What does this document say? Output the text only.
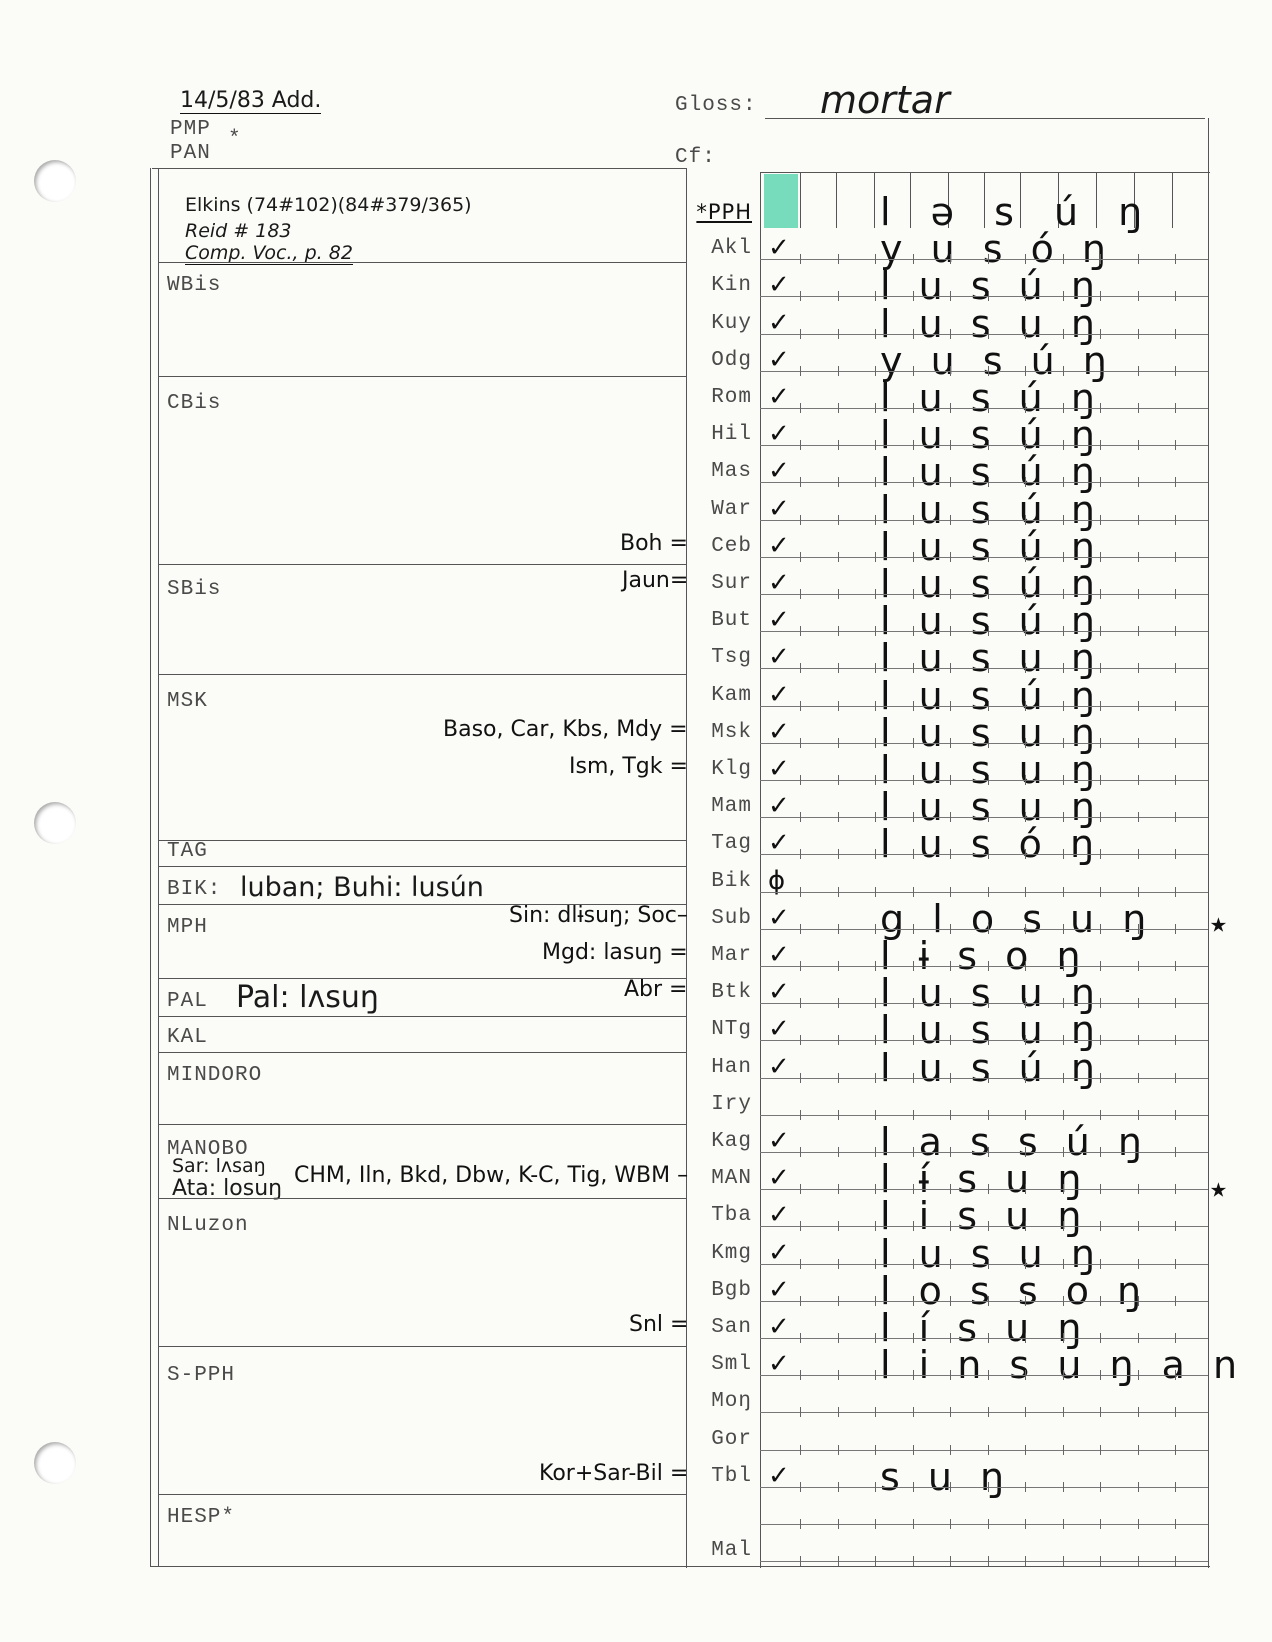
14/5/83 Add.
PMP *
PAN
Gloss: mortar
Cf:
Elkins (74#102)(84#379/365)
Reid # 183
Comp. Voc., p. 82
WBis
CBis
SBis
MSK
TAG
BIK: luban; Buhi: lusún
MPH
PAL Pal: lʌsuŋ
KAL
MINDORO
MANOBO
Sar: lʌsaŋ
Ata: losuŋ
NLuzon
S-PPH
HESP*
*PPH	l ə s ú ŋ
Akl ✓ y u s ó ŋ
Kin ✓ l u s ú ŋ
Kuy ✓ l u s u ŋ
Odg ✓ y u s ú ŋ
Rom ✓ l u s ú ŋ
Hil ✓ l u s ú ŋ
Mas ✓ l u s ú ŋ
War ✓ l u s ú ŋ
Ceb ✓ l u s ú ŋ
Boh =
Sur ✓ l u s ú ŋ
Jaun=
But ✓ l u s ú ŋ
Tsg ✓ l u s u ŋ
Kam ✓ l u s ú ŋ
Msk ✓ l u s u ŋ
Baso, Car, Kbs, Mdy =
Klg ✓ l u s u ŋ
Ism, Tgk =
Mam ✓ l u s u ŋ
Tag ✓ l u s ó ŋ
Bik ɸ
Sub ✓ g l o s u ŋ
Sin: dlɨsuŋ; Soc–
Mar ✓ l ɨ s o ŋ
Mgd: lasuŋ =
Btk ✓ l u s u ŋ
Abr =
NTg ✓ l u s u ŋ
Han ✓ l u s ú ŋ
Iry
Kag ✓ l a s s ú ŋ
MAN ✓ l ɨ́ s u ŋ
CHM, Iln, Bkd, Dbw, K-C, Tig, WBM –
Tba ✓ l i s u ŋ
Kmg ✓ l u s u ŋ
Bgb ✓ l o s s o ŋ
San ✓ l í s u ŋ
Snl =
Sml ✓ l i n s u ŋ a n
Moŋ
Gor
Tbl ✓ s u ŋ
Kor+Sar-Bil =
Mal
★
★
